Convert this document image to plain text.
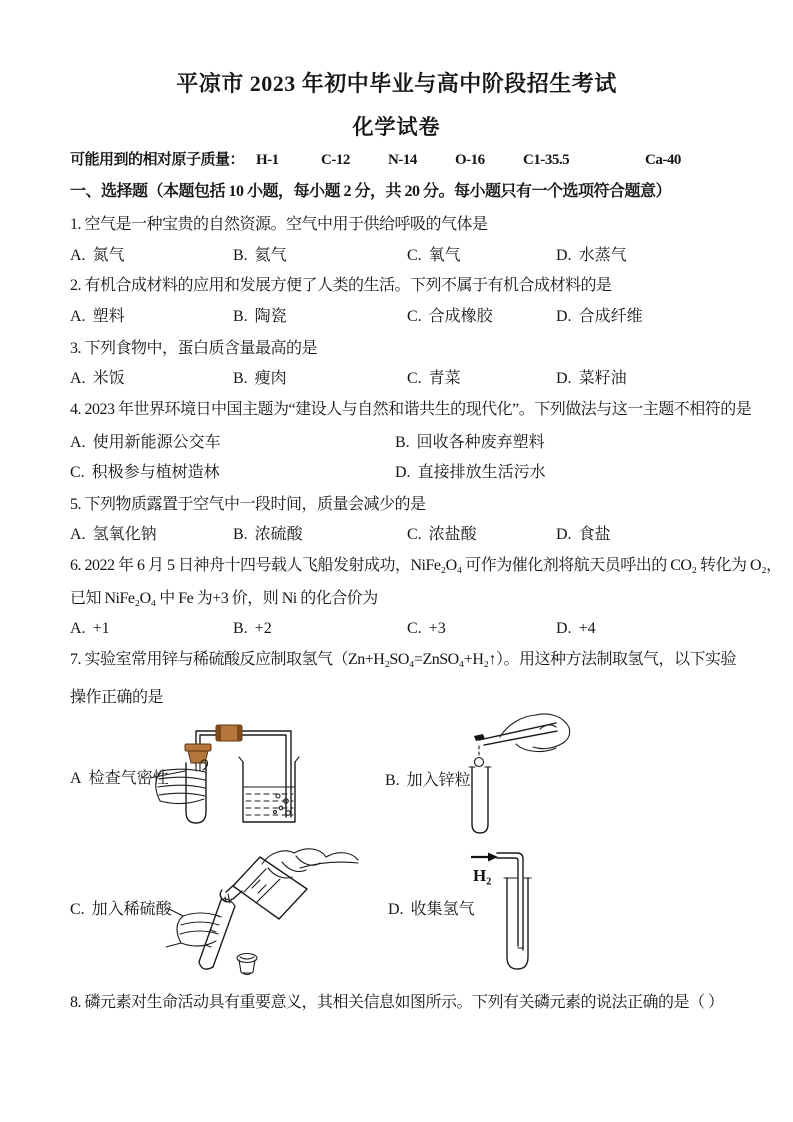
平凉市 2023 年初中毕业与高中阶段招生考试
化学试卷
可能用到的相对原子质量： H-1	C-12	N-14	O-16	C1-35.5	Ca-40
一、选择题（本题包括 10 小题，每小题 2 分，共 20 分。每小题只有一个选项符合题意）
1. 空气是一种宝贵的自然资源。空气中用于供给呼吸的气体是
A. 氮气	B. 氦气	C. 氧气	D. 水蒸气
2. 有机合成材料的应用和发展方便了人类的生活。下列不属于有机合成材料的是
A. 塑料	B. 陶瓷	C. 合成橡胶	D. 合成纤维
3. 下列食物中，蛋白质含量最高的是
A. 米饭	B. 瘦肉	C. 青菜	D. 菜籽油
4. 2023 年世界环境日中国主题为“建设人与自然和谐共生的现代化”。下列做法与这一主题不相符的是
A. 使用新能源公交车	B. 回收各种废弃塑料
C. 积极参与植树造林	D. 直接排放生活污水
5. 下列物质露置于空气中一段时间，质量会减少的是
A. 氢氧化钠	B. 浓硫酸	C. 浓盐酸	D. 食盐
6. 2022 年 6 月 5 日神舟十四号载人飞船发射成功，NiFe₂O₄ 可作为催化剂将航天员呼出的 CO₂ 转化为 O₂，
已知 NiFe₂O₄ 中 Fe 为+3 价，则 Ni 的化合价为
A. +1	B. +2	C. +3	D. +4
7. 实验室常用锌与稀硫酸反应制取氢气（Zn+H₂SO₄=ZnSO₄+H₂↑）。用这种方法制取氢气，以下实验
操作正确的是
A 检查气密性	B. 加入锌粒
C. 加入稀硫酸	D. 收集氢气
H₂
8. 磷元素对生命活动具有重要意义，其相关信息如图所示。下列有关磷元素的说法正确的是（ ）
